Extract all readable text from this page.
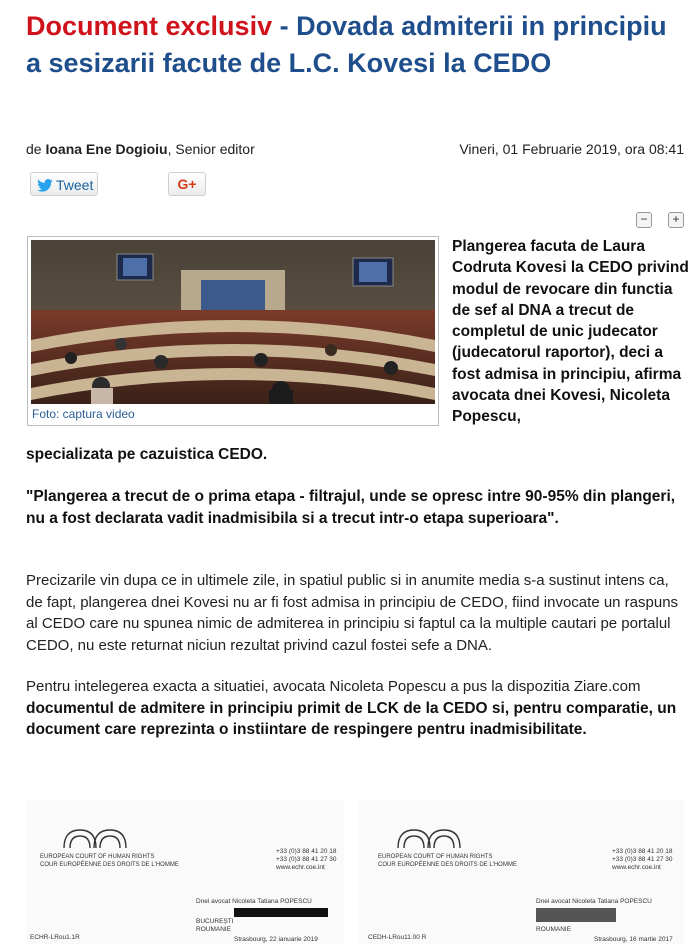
Document exclusiv - Dovada admiterii in principiu a sesizarii facute de L.C. Kovesi la CEDO
de Ioana Ene Dogioiu, Senior editor	Vineri, 01 Februarie 2019, ora 08:41
Tweet	G+
−	+
Foto: captura video

Plangerea facuta de Laura Codruta Kovesi la CEDO privind modul de revocare din functia de sef al DNA a trecut de completul de unic judecator (judecatorul raportor), deci a fost admisa in principiu, afirma avocata dnei Kovesi, Nicoleta Popescu,

specializata pe cazuistica CEDO.

"Plangerea a trecut de o prima etapa - filtrajul, unde se opresc intre 90-95% din plangeri, nu a fost declarata vadit inadmisibila si a trecut intr-o etapa superioara".

Precizarile vin dupa ce in ultimele zile, in spatiul public si in anumite media s-a sustinut intens ca, de fapt, plangerea dnei Kovesi nu ar fi fost admisa in principiu de CEDO, fiind invocate un raspuns al CEDO care nu spunea nimic de admiterea in principiu si faptul ca la multiple cautari pe portalul CEDO, nu este returnat niciun rezultat privind cazul fostei sefe a DNA.

Pentru intelegerea exacta a situatiei, avocata Nicoleta Popescu a pus la dispozitia Ziare.com documentul de admitere in principiu primit de LCK de la CEDO si, pentru comparatie, un document care reprezinta o instiintare de respingere pentru inadmisibilitate.

EUROPEAN COURT OF HUMAN RIGHTS
COUR EUROPÉENNE DES DROITS DE L'HOMME
+33 (0)3 88 41 20 18
+33 (0)3 88 41 27 30
www.echr.coe.int
Dnei avocat Nicoleta Tatiana POPESCU
BUCUREȘTI
ROUMANIE
ECHR-LRou1.1R	Strasbourg, 22 ianuarie 2019
EUROPEAN COURT OF HUMAN RIGHTS
COUR EUROPÉENNE DES DROITS DE L'HOMME
+33 (0)3 88 41 20 18
+33 (0)3 88 41 27 30
www.echr.coe.int
Dnei avocat Nicoleta Tatiana POPESCU
ROUMANIE
CEDH-LRou11.00 R	Strasbourg, 16 martie 2017
